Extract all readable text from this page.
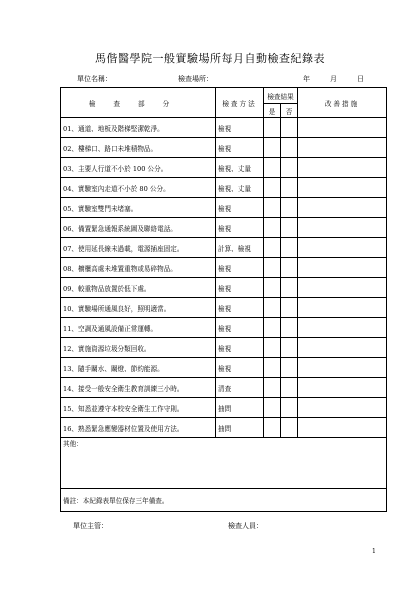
馬偕醫學院一般實驗場所每月自動檢查紀錄表
單位名稱：	檢查場所：	年	月	日
檢查部分	檢查方法	檢查結果		改善措施
		是	否	
01、通道、地板及階梯堅潔乾淨。	檢視			
02、樓梯口、路口未堆積物品。	檢視			
03、主要人行道不小於 100 公分。	檢視、丈量			
04、實驗室內走道不小於 80 公分。	檢視、丈量			
05、實驗室雙門未堵塞。	檢視			
06、備置緊急通報系統圖及聯絡電話。	檢視			
07、使用延長線未過載，電源插座固定。	計算、檢視			
08、櫥櫃高處未堆置重物或易碎物品。	檢視			
09、較重物品放置於低下處。	檢視			
10、實驗場所通風良好，照明適當。	檢視			
11、空調及通風設備正常運轉。	檢視			
12、實施資源垃圾分類回收。	檢視			
13、隨手關水、關燈、節約能源。	檢視			
14、接受一般安全衛生教育訓練三小時。	清查			
15、知悉並遵守本校安全衛生工作守則。	抽問			
16、熟悉緊急應變器材位置及使用方法。	抽問			
其他：				
備註：本紀錄表單位保存三年備查。				
單位主管：	檢查人員：
1
